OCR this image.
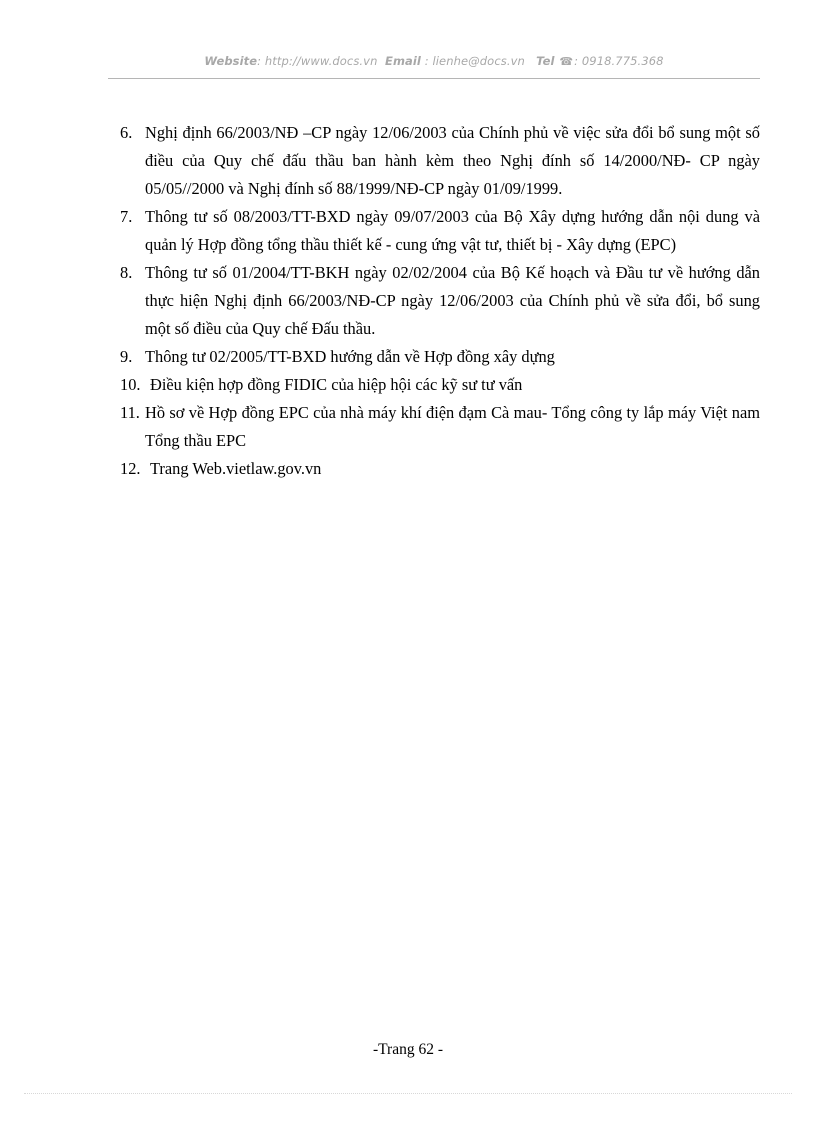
Website: http://www.docs.vn Email : lienhe@docs.vn Tel ☎: 0918.775.368
6. Nghị định 66/2003/NĐ –CP ngày 12/06/2003 của Chính phủ về việc sửa đổi bổ sung một số điều của Quy chế đấu thầu ban hành kèm theo Nghị đính số 14/2000/NĐ- CP ngày 05/05//2000 và Nghị đính số 88/1999/NĐ-CP ngày 01/09/1999.
7. Thông tư số 08/2003/TT-BXD ngày 09/07/2003 của Bộ Xây dựng hướng dẫn nội dung và quản lý Hợp đồng tổng thầu thiết kế - cung ứng vật tư, thiết bị - Xây dựng (EPC)
8. Thông tư số 01/2004/TT-BKH ngày 02/02/2004 của Bộ Kế hoạch và Đầu tư về hướng dẫn thực hiện Nghị định 66/2003/NĐ-CP ngày 12/06/2003 của Chính phủ về sửa đổi, bổ sung một số điều của Quy chế Đấu thầu.
9. Thông tư 02/2005/TT-BXD hướng dẫn về Hợp đồng xây dựng
10. Điều kiện hợp đồng FIDIC của hiệp hội các kỹ sư tư vấn
11. Hồ sơ về Hợp đồng EPC của nhà máy khí điện đạm Cà mau- Tổng công ty lắp máy Việt nam Tổng thầu EPC
12. Trang Web.vietlaw.gov.vn
-Trang 62 -
